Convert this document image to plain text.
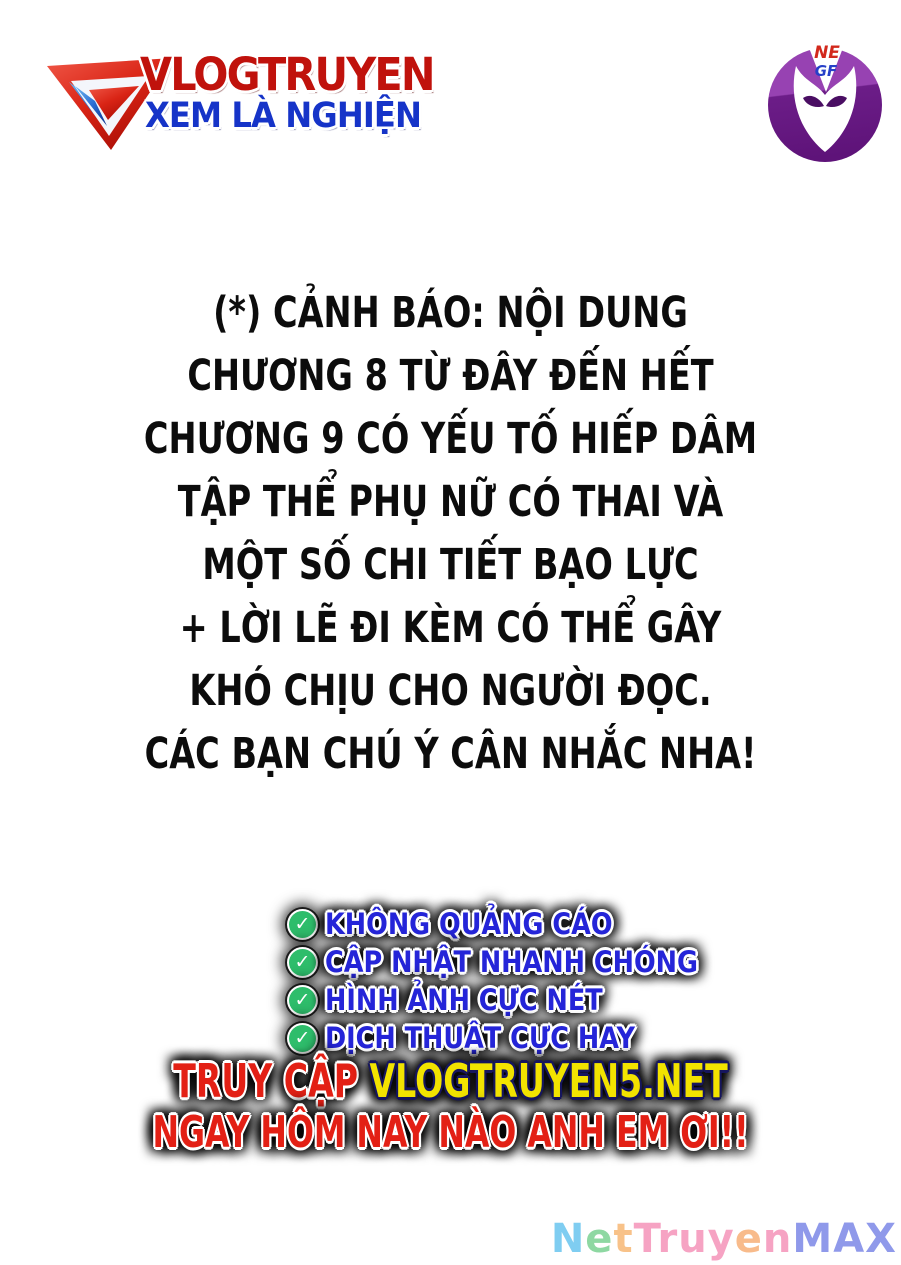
VLOGTRUYEN
XEM LÀ NGHIỆN
NE
GF
(*) CẢNH BÁO: NỘI DUNG
CHƯƠNG 8 TỪ ĐÂY ĐẾN HẾT
CHƯƠNG 9 CÓ YẾU TỐ HIẾP DÂM
TẬP THỂ PHỤ NỮ CÓ THAI VÀ
MỘT SỐ CHI TIẾT BẠO LỰC
+ LỜI LẼ ĐI KÈM CÓ THỂ GÂY
KHÓ CHỊU CHO NGƯỜI ĐỌC.
CÁC BẠN CHÚ Ý CÂN NHẮC NHA!
✓ KHÔNG QUẢNG CÁO
✓ CẬP NHẬT NHANH CHÓNG
✓ HÌNH ẢNH CỰC NÉT
✓ DỊCH THUẬT CỰC HAY
TRUY CẬP VLOGTRUYEN5.NET
NGAY HÔM NAY NÀO ANH EM ƠI!!
NetTruyenMAX
